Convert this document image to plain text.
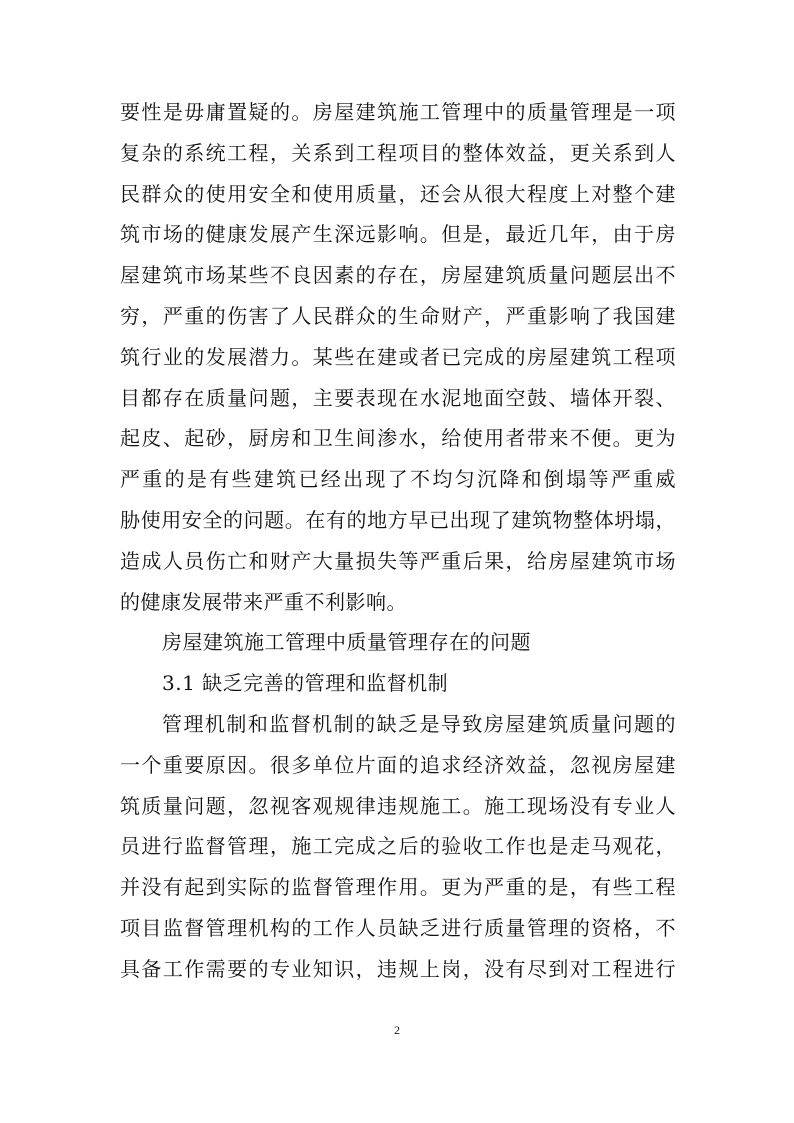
要性是毋庸置疑的。房屋建筑施工管理中的质量管理是一项
复杂的系统工程，关系到工程项目的整体效益，更关系到人
民群众的使用安全和使用质量，还会从很大程度上对整个建
筑市场的健康发展产生深远影响。但是，最近几年，由于房
屋建筑市场某些不良因素的存在，房屋建筑质量问题层出不
穷，严重的伤害了人民群众的生命财产，严重影响了我国建
筑行业的发展潜力。某些在建或者已完成的房屋建筑工程项
目都存在质量问题，主要表现在水泥地面空鼓、墙体开裂、
起皮、起砂，厨房和卫生间渗水，给使用者带来不便。更为
严重的是有些建筑已经出现了不均匀沉降和倒塌等严重威
胁使用安全的问题。在有的地方早已出现了建筑物整体坍塌，
造成人员伤亡和财产大量损失等严重后果，给房屋建筑市场
的健康发展带来严重不利影响。
房屋建筑施工管理中质量管理存在的问题
3.1 缺乏完善的管理和监督机制
管理机制和监督机制的缺乏是导致房屋建筑质量问题的
一个重要原因。很多单位片面的追求经济效益，忽视房屋建
筑质量问题，忽视客观规律违规施工。施工现场没有专业人
员进行监督管理，施工完成之后的验收工作也是走马观花，
并没有起到实际的监督管理作用。更为严重的是，有些工程
项目监督管理机构的工作人员缺乏进行质量管理的资格，不
具备工作需要的专业知识，违规上岗，没有尽到对工程进行
2
